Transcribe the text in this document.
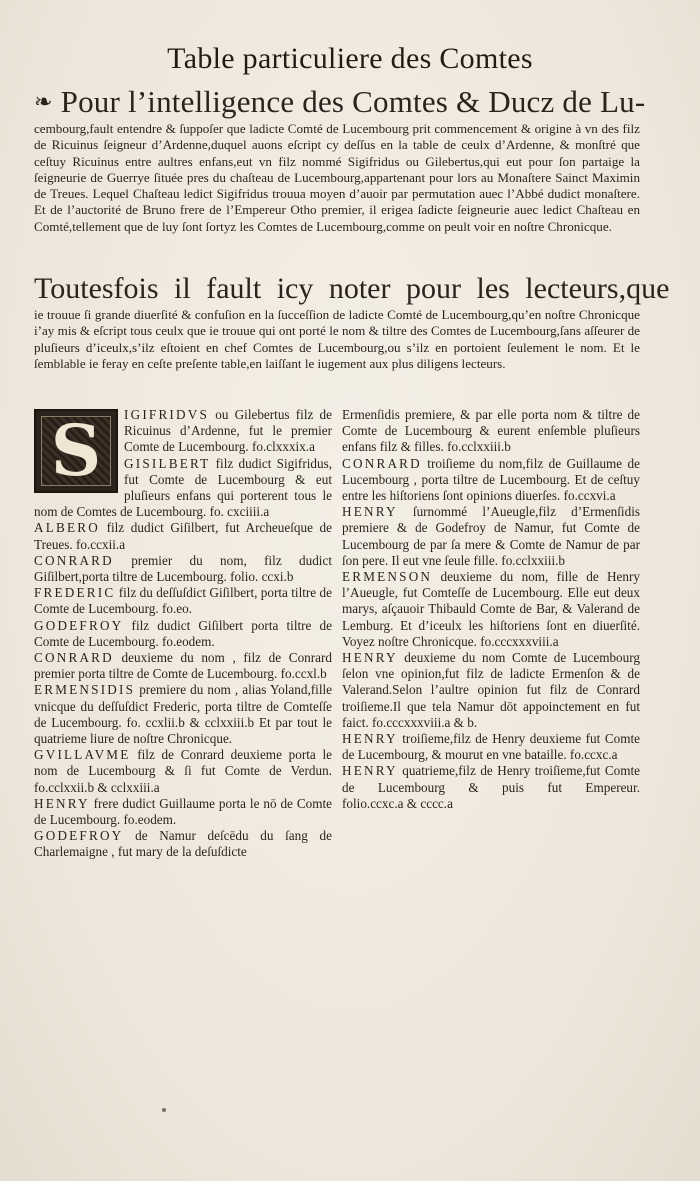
Table particuliere des Comtes
❧ Pour l’intelligence des Comtes & Ducz de Lu-
cembourg,fault entendre & ſuppoſer que ladicte Comté de Lucembourg prit commencement & origine à vn des filz de Ricuinus ſeigneur d’Ardenne,duquel auons eſcript cy deſſus en la table de ceulx d’Ardenne, & monſtré que ceſtuy Ricuinus entre aultres enfans,eut vn filz nommé Sigifridus ou Gilebertus,qui eut pour ſon partaige la ſeigneurie de Guerrye ſituée pres du chaſteau de Lucembourg,appartenant pour lors au Monaſtere Sainct Maximin de Treues. Lequel Chaſteau ledict Sigifridus trouua moyen d’auoir par permutation auec l’Abbé dudict monaſtere. Et de l’auctorité de Bruno frere de l’Empereur Otho premier, il erigea ſadicte ſeigneurie auec ledict Chaſteau en Comté,tellement que de luy ſont ſortyz les Comtes de Lucembourg,comme on peult voir en noſtre Chronicque.
Toutesfois il fault icy noter pour les lecteurs,que
ie trouue ſi grande diuerſité & confuſion en la ſucceſſion de ladicte Comté de Lucembourg,qu’en noſtre Chronicque i’ay mis & eſcript tous ceulx que ie trouue qui ont porté le nom & tiltre des Comtes de Lucembourg,ſans aſſeurer de pluſieurs d’iceulx,s’ilz eſtoient en chef Comtes de Lucembourg,ou s’ilz en portoient ſeulement le nom. Et le ſemblable ie feray en ceſte preſente table,en laiſſant le iugement aux plus diligens lecteurs.
S	IGIFRIDVS ou Gilebertus filz de Ricuinus d’Ardenne, fut le premier Comte de Lucembourg. fo.clxxxix.a

GISILBERT filz dudict Sigifridus, fut Comte de Lucembourg & eut pluſieurs enfans qui porterent tous le nom de Comtes de Lucembourg. fo. cxciiii.a

ALBERO filz dudict Giſilbert, fut Archeueſque de Treues. fo.ccxii.a

CONRARD premier du nom, filz dudict Giſilbert,porta tiltre de Lucembourg. folio. ccxi.b

FREDERIC filz du deſſuſdict Giſilbert, porta tiltre de Comte de Lucembourg. fo.eo.

GODEFROY filz dudict Giſilbert porta tiltre de Comte de Lucembourg. fo.eodem.

CONRARD deuxieme du nom , filz de Conrard premier porta tiltre de Comte de Lucembourg. fo.ccxl.b

ERMENSIDIS premiere du nom , alias Yoland,fille vnicque du deſſuſdict Frederic, porta tiltre de Comteſſe de Lucembourg. fo. ccxlii.b & cclxxiii.b Et par tout le quatrieme liure de noſtre Chronicque.

GVILLAVME filz de Conrard deuxieme porta le nom de Lucembourg & ſi fut Comte de Verdun. fo.cclxxii.b & cclxxiii.a

HENRY frere dudict Guillaume porta le nō de Comte de Lucembourg. fo.eodem.

GODEFROY de Namur deſcēdu du ſang de Charlemaigne , fut mary de la deſuſdicte

Ermenſidis premiere, & par elle porta nom & tiltre de Comte de Lucembourg & eurent enſemble pluſieurs enfans filz & filles. fo.cclxxiii.b

CONRARD troiſieme du nom,filz de Guillaume de Lucembourg , porta tiltre de Lucembourg. Et de ceſtuy entre les hiſtoriens ſont opinions diuerſes. fo.ccxvi.a

HENRY ſurnommé l’Aueugle,filz d’Ermenſidis premiere & de Godefroy de Namur, fut Comte de Lucembourg de par ſa mere & Comte de Namur de par ſon pere. Il eut vne ſeule fille. fo.cclxxiii.b

ERMENSON deuxieme du nom, fille de Henry l’Aueugle, fut Comteſſe de Lucembourg. Elle eut deux marys, aſçauoir Thibauld Comte de Bar, & Valerand de Lemburg. Et d’iceulx les hiſtoriens ſont en diuerſité. Voyez noſtre Chronicque. fo.cccxxxviii.a

HENRY deuxieme du nom Comte de Lucembourg ſelon vne opinion,fut filz de ladicte Ermenſon & de Valerand.Selon l’aultre opinion fut filz de Conrard troiſieme.Il que tela Namur dōt appoinctement en fut faict. fo.cccxxxviii.a & b.

HENRY troiſieme,filz de Henry deuxieme fut Comte de Lucembourg, & mourut en vne bataille. fo.ccxc.a

HENRY quatrieme,filz de Henry troiſieme,fut Comte de Lucembourg & puis fut Empereur. folio.ccxc.a & cccc.a
